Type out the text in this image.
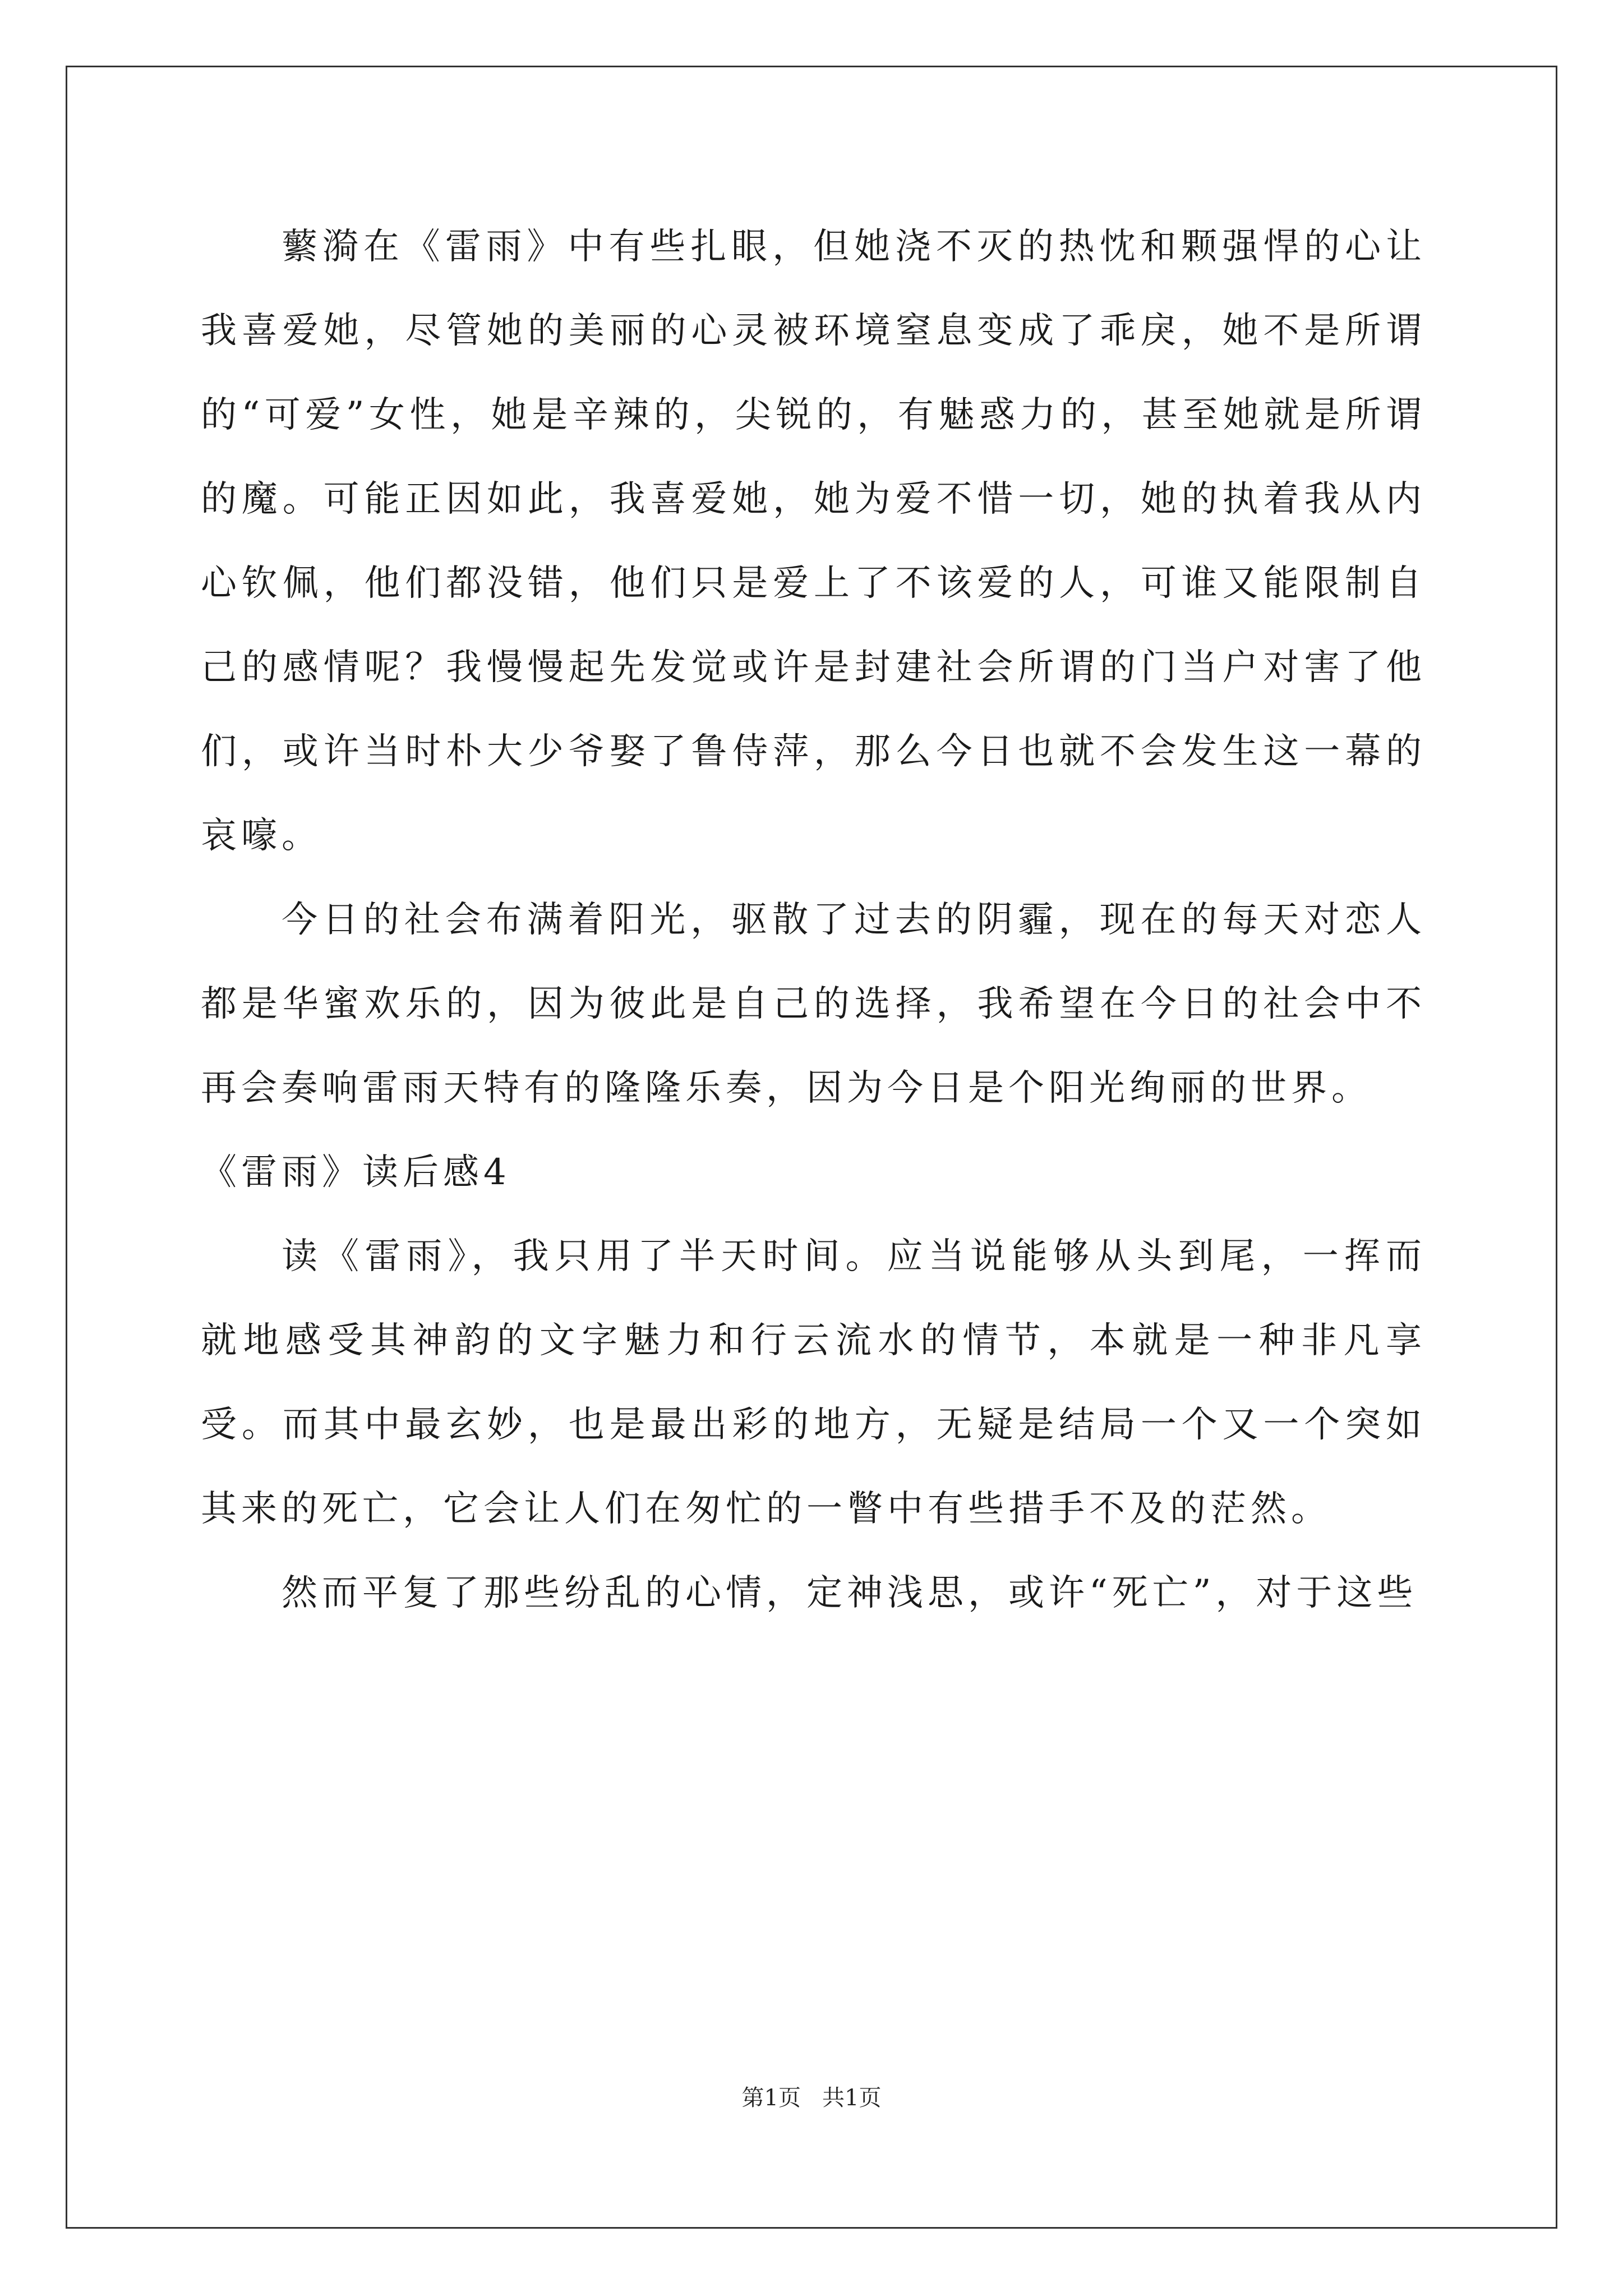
蘩漪在《雷雨》中有些扎眼，但她浇不灭的热忱和颗强悍的心让我喜爱她，尽管她的美丽的心灵被环境窒息变成了乖戾，她不是所谓的“可爱”女性，她是辛辣的，尖锐的，有魅惑力的，甚至她就是所谓的魔。可能正因如此，我喜爱她，她为爱不惜一切，她的执着我从内心钦佩，他们都没错，他们只是爱上了不该爱的人，可谁又能限制自己的感情呢？我慢慢起先发觉或许是封建社会所谓的门当户对害了他们，或许当时朴大少爷娶了鲁侍萍，那么今日也就不会发生这一幕的哀嚎。

今日的社会布满着阳光，驱散了过去的阴霾，现在的每天对恋人都是华蜜欢乐的，因为彼此是自己的选择，我希望在今日的社会中不再会奏响雷雨天特有的隆隆乐奏，因为今日是个阳光绚丽的世界。

《雷雨》读后感4

读《雷雨》，我只用了半天时间。应当说能够从头到尾，一挥而就地感受其神韵的文字魅力和行云流水的情节，本就是一种非凡享受。而其中最玄妙，也是最出彩的地方，无疑是结局一个又一个突如其来的死亡，它会让人们在匆忙的一瞥中有些措手不及的茫然。

然而平复了那些纷乱的心情，定神浅思，或许“死亡”，对于这些

第1页 共1页
